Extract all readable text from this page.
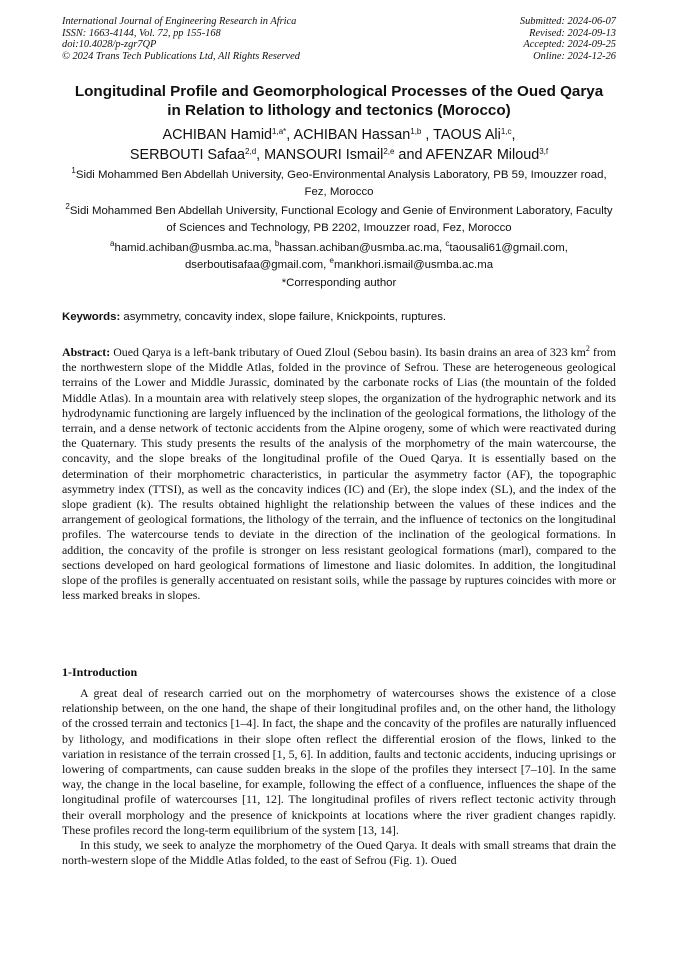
International Journal of Engineering Research in Africa
ISSN: 1663-4144, Vol. 72, pp 155-168
doi:10.4028/p-zgr7QP
© 2024 Trans Tech Publications Ltd, All Rights Reserved
Submitted: 2024-06-07
Revised: 2024-09-13
Accepted: 2024-09-25
Online: 2024-12-26
Longitudinal Profile and Geomorphological Processes of the Oued Qarya in Relation to lithology and tectonics (Morocco)
ACHIBAN Hamid$^{1,a*}$, ACHIBAN Hassan$^{1,b}$ , TAOUS Ali$^{1,c}$,
SERBOUTI Safaa$^{2,d}$, MANSOURI Ismail$^{2,e}$ and AFENZAR Miloud$^{3,f}$
$^1$Sidi Mohammed Ben Abdellah University, Geo-Environmental Analysis Laboratory, PB 59, Imouzzer road, Fez, Morocco
$^2$Sidi Mohammed Ben Abdellah University, Functional Ecology and Genie of Environment Laboratory, Faculty of Sciences and Technology, PB 2202, Imouzzer road, Fez, Morocco
$^a$hamid.achiban@usmba.ac.ma, $^b$hassan.achiban@usmba.ac.ma, $^c$taousali61@gmail.com,
dserboutisafaa@gmail.com, $^e$mankhori.ismail@usmba.ac.ma
*Corresponding author
Keywords: asymmetry, concavity index, slope failure, Knickpoints, ruptures.
Abstract: Oued Qarya is a left-bank tributary of Oued Zloul (Sebou basin). Its basin drains an area of 323 $km^2$ from the northwestern slope of the Middle Atlas, folded in the province of Sefrou. These are heterogeneous geological terrains of the Lower and Middle Jurassic, dominated by the carbonate rocks of Lias (the mountain of the folded Middle Atlas). In a mountain area with relatively steep slopes, the organization of the hydrographic network and its hydrodynamic functioning are largely influenced by the inclination of the geological formations, the lithology of the terrain, and a dense network of tectonic accidents from the Alpine orogeny, some of which were reactivated during the Quaternary. This study presents the results of the analysis of the morphometry of the main watercourse, the concavity, and the slope breaks of the longitudinal profile of the Oued Qarya. It is essentially based on the determination of their morphometric characteristics, in particular the asymmetry factor (AF), the topographic asymmetry index (TTSI), as well as the concavity indices (IC) and (Er), the slope index (SL), and the index of the slope gradient (k). The results obtained highlight the relationship between the values of these indices and the arrangement of geological formations, the lithology of the terrain, and the influence of tectonics on the longitudinal profiles. The watercourse tends to deviate in the direction of the inclination of the geological formations. In addition, the concavity of the profile is stronger on less resistant geological formations (marl), compared to the sections developed on hard geological formations of limestone and liasic dolomites. In addition, the longitudinal slope of the profiles is generally accentuated on resistant soils, while the passage by ruptures coincides with more or less marked breaks in slopes.
1-Introduction

A great deal of research carried out on the morphometry of watercourses shows the existence of a close relationship between, on the one hand, the shape of their longitudinal profiles and, on the other hand, the lithology of the crossed terrain and tectonics [1–4]. In fact, the shape and the concavity of the profiles are naturally influenced by lithology, and modifications in their slope often reflect the differential erosion of the flows, linked to the variation in resistance of the terrain crossed [1, 5, 6]. In addition, faults and tectonic accidents, inducing uprisings or lowering of compartments, can cause sudden breaks in the slope of the profiles they intersect [7–10]. In the same way, the change in the local baseline, for example, following the effect of a confluence, influences the shape of the longitudinal profile of watercourses [11, 12]. The longitudinal profiles of rivers reflect tectonic activity through their overall morphology and the presence of knickpoints at locations where the river gradient changes rapidly. These profiles record the long-term equilibrium of the system [13, 14].

In this study, we seek to analyze the morphometry of the Oued Qarya. It deals with small streams that drain the north-western slope of the Middle Atlas folded, to the east of Sefrou (Fig. 1). Oued
